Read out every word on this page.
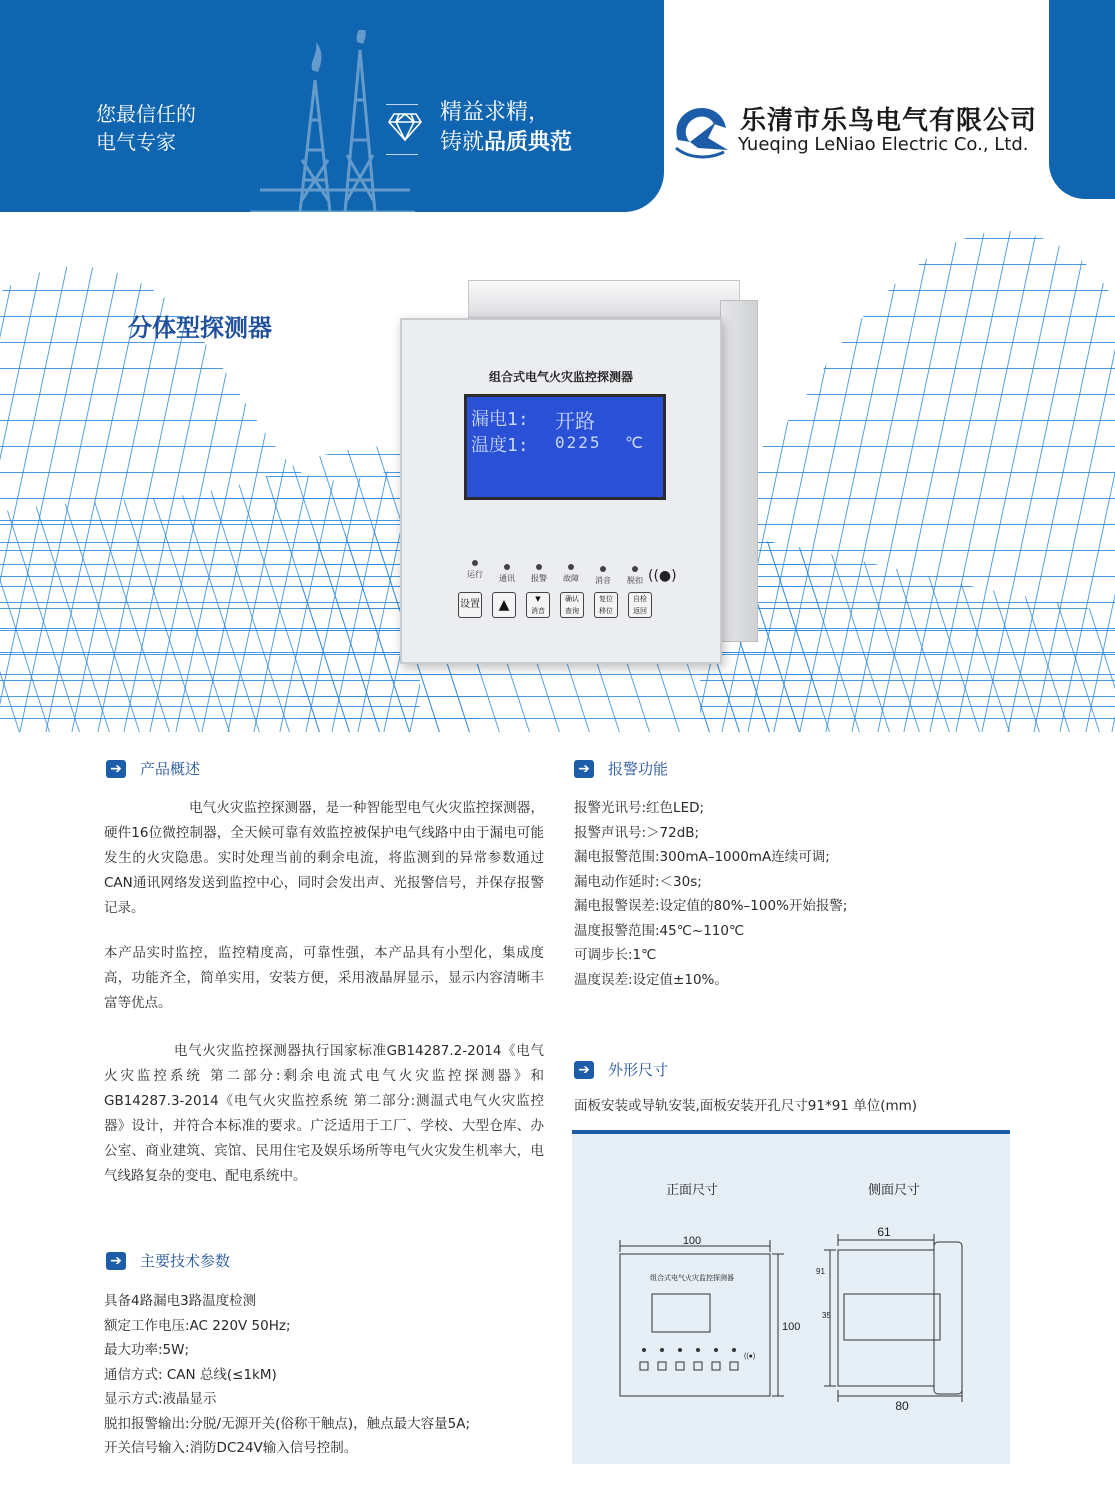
您最信任的
电气专家
精益求精，
铸就品质典范
乐清市乐鸟电气有限公司
Yueqing LeNiao Electric Co., Ltd.
分体型探测器
组合式电气火灾监控探测器
漏电1: 开路
温度1: 0225 ℃
运行	通讯	报警	故障	消音	脱扣 ((●)
设置	▲	▼
消音
确认
查询
复位
移位
自检
返回
➔ 产品概述
电气火灾监控探测器，是一种智能型电气火灾监控探测器，硬件16位微控制器，全天候可靠有效监控被保护电气线路中由于漏电可能发生的火灾隐患。实时处理当前的剩余电流，将监测到的异常参数通过CAN通讯网络发送到监控中心，同时会发出声、光报警信号，并保存报警记录。
本产品实时监控，监控精度高，可靠性强，本产品具有小型化，集成度高，功能齐全，简单实用，安装方便，采用液晶屏显示，显示内容清晰丰富等优点。
电气火灾监控探测器执行国家标准GB14287.2-2014《电气火灾监控系统 第二部分:剩余电流式电气火灾监控探测器》和GB14287.3-2014《电气火灾监控系统 第二部分:测温式电气火灾监控器》设计，并符合本标准的要求。广泛适用于工厂、学校、大型仓库、办公室、商业建筑、宾馆、民用住宅及娱乐场所等电气火灾发生机率大，电气线路复杂的变电、配电系统中。
➔ 主要技术参数
具备4路漏电3路温度检测
额定工作电压:AC 220V 50Hz;
最大功率:5W;
通信方式: CAN 总线(≤1kM)
显示方式:液晶显示
脱扣报警输出:分脱/无源开关(俗称干触点)，触点最大容量5A;
开关信号输入:消防DC24V输入信号控制。
➔ 报警功能
报警光讯号:红色LED;
报警声讯号:＞72dB;
漏电报警范围:300mA–1000mA连续可调;
漏电动作延时:＜30s;
漏电报警误差:设定值的80%–100%开始报警;
温度报警范围:45℃~110℃
可调步长:1℃
温度误差:设定值±10%。
➔ 外形尺寸
面板安装或导轨安装,面板安装开孔尺寸91*91 单位(mm)
正面尺寸	侧面尺寸
100
100
组合式电气火灾监控探测器
((●)
61
80
91
35
